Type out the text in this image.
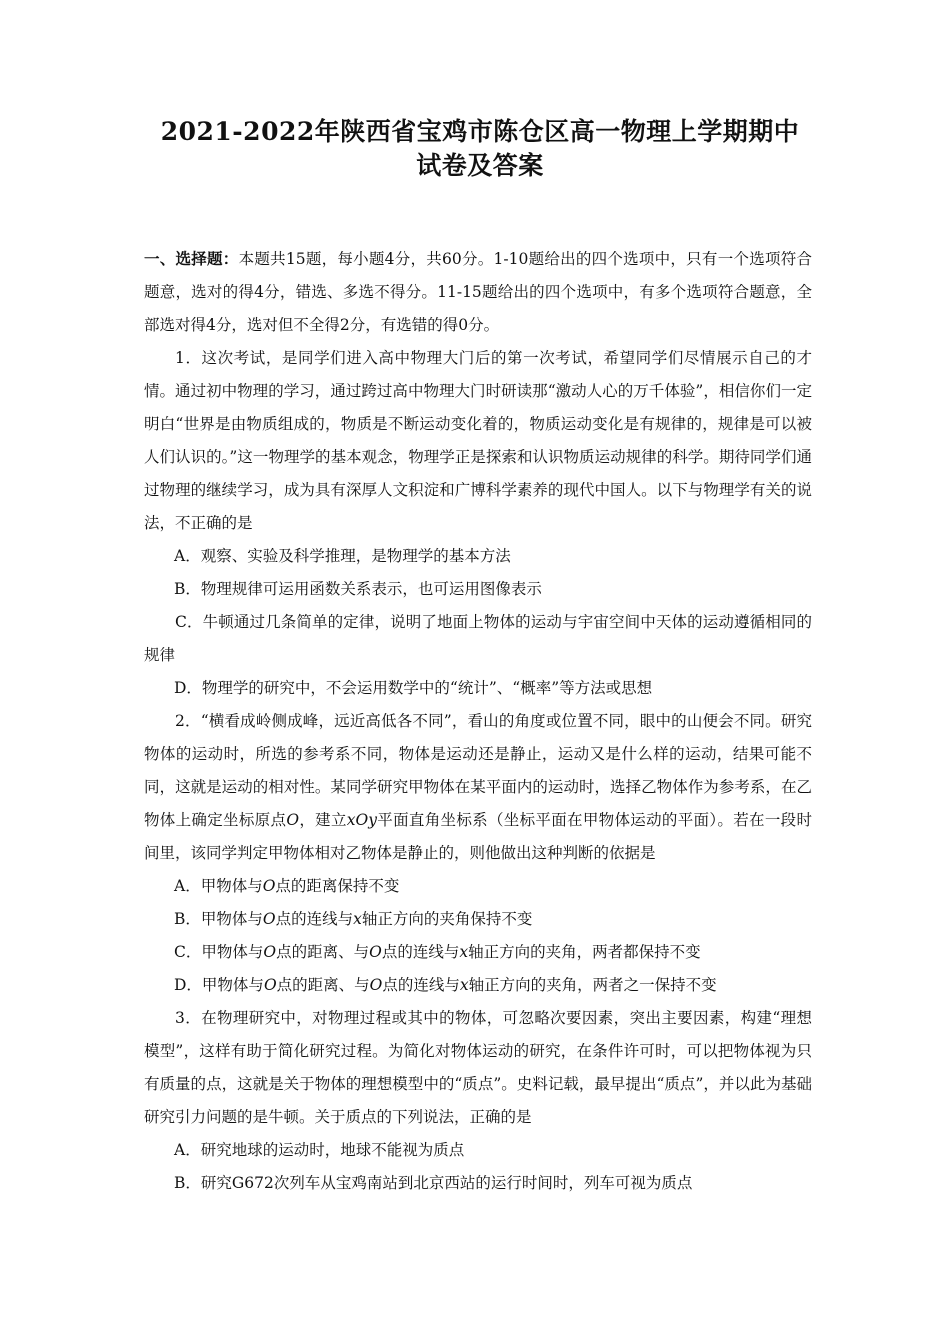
2021-2022年陕西省宝鸡市陈仓区高一物理上学期期中
试卷及答案

一、选择题：本题共15题，每小题4分，共60分。1-10题给出的四个选项中，只有一个选项符合题意，选对的得4分，错选、多选不得分。11-15题给出的四个选项中，有多个选项符合题意，全部选对得4分，选对但不全得2分，有选错的得0分。

1．这次考试，是同学们进入高中物理大门后的第一次考试，希望同学们尽情展示自己的才情。通过初中物理的学习，通过跨过高中物理大门时研读那“激动人心的万千体验”，相信你们一定明白“世界是由物质组成的，物质是不断运动变化着的，物质运动变化是有规律的，规律是可以被人们认识的。”这一物理学的基本观念，物理学正是探索和认识物质运动规律的科学。期待同学们通过物理的继续学习，成为具有深厚人文积淀和广博科学素养的现代中国人。以下与物理学有关的说法，不正确的是

A．观察、实验及科学推理，是物理学的基本方法

B．物理规律可运用函数关系表示，也可运用图像表示

C．牛顿通过几条简单的定律，说明了地面上物体的运动与宇宙空间中天体的运动遵循相同的规律

D．物理学的研究中，不会运用数学中的“统计”、“概率”等方法或思想

2．“横看成岭侧成峰，远近高低各不同”，看山的角度或位置不同，眼中的山便会不同。研究物体的运动时，所选的参考系不同，物体是运动还是静止，运动又是什么样的运动，结果可能不同，这就是运动的相对性。某同学研究甲物体在某平面内的运动时，选择乙物体作为参考系，在乙物体上确定坐标原点O，建立xOy平面直角坐标系（坐标平面在甲物体运动的平面）。若在一段时间里，该同学判定甲物体相对乙物体是静止的，则他做出这种判断的依据是

A．甲物体与O点的距离保持不变

B．甲物体与O点的连线与x轴正方向的夹角保持不变

C．甲物体与O点的距离、与O点的连线与x轴正方向的夹角，两者都保持不变

D．甲物体与O点的距离、与O点的连线与x轴正方向的夹角，两者之一保持不变

3．在物理研究中，对物理过程或其中的物体，可忽略次要因素，突出主要因素，构建“理想模型”，这样有助于简化研究过程。为简化对物体运动的研究，在条件许可时，可以把物体视为只有质量的点，这就是关于物体的理想模型中的“质点”。史料记载，最早提出“质点”，并以此为基础研究引力问题的是牛顿。关于质点的下列说法，正确的是

A．研究地球的运动时，地球不能视为质点

B．研究G672次列车从宝鸡南站到北京西站的运行时间时，列车可视为质点
